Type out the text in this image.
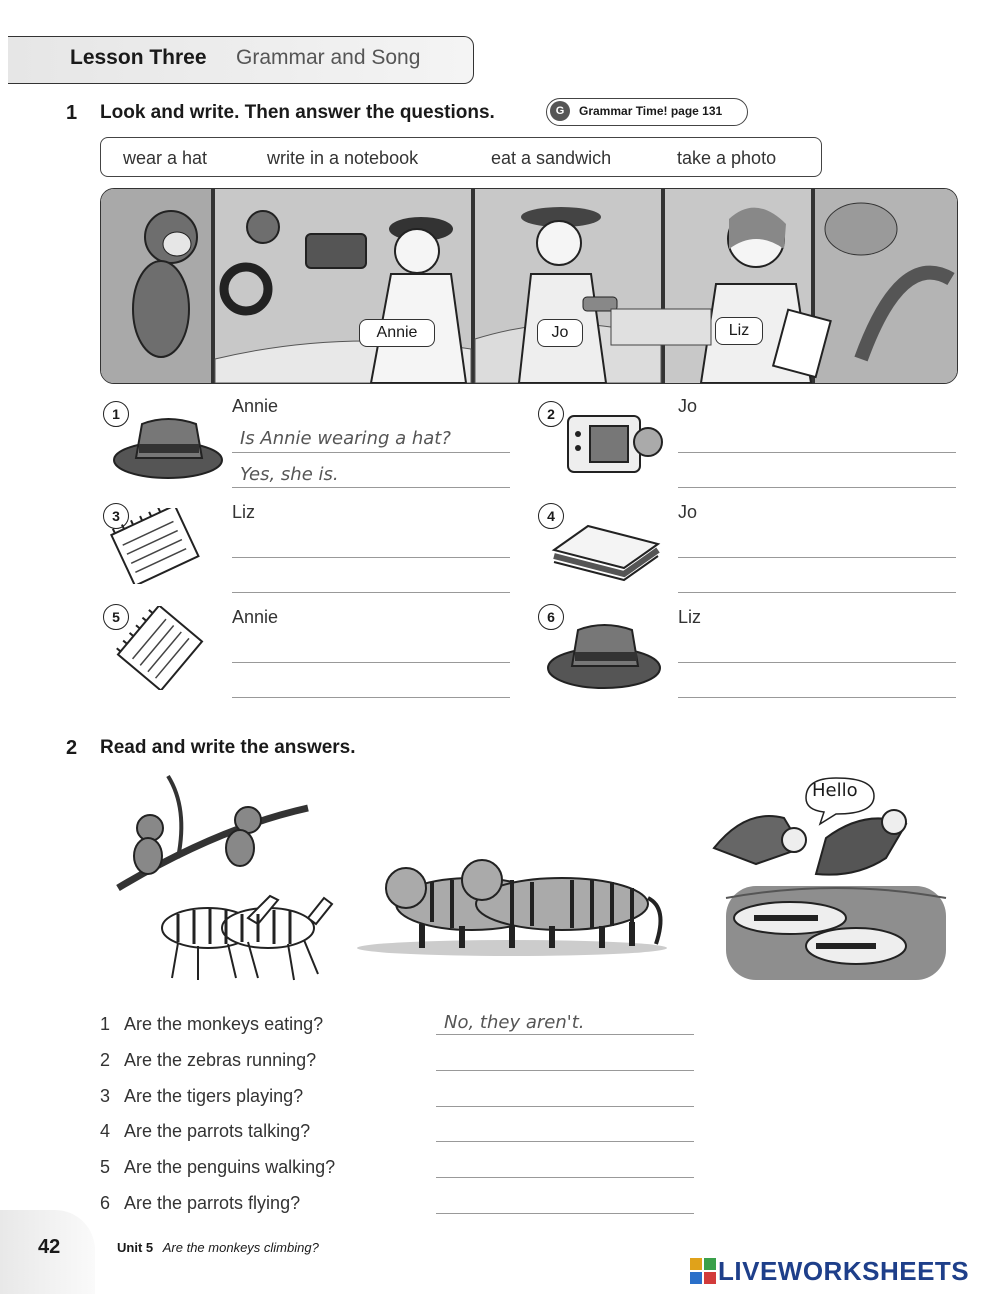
Lesson Three Grammar and Song
1 Look and write. Then answer the questions.	G	Grammar Time! page 131
wear a hat	write in a notebook	eat a sandwich	take a photo
Annie	Jo	Liz
1	Annie
Is Annie wearing a hat?
Yes, she is.
2	Jo
3	Liz	4	Jo
5	Annie	6	Liz
2 Read and write the answers.
Hello
1 Are the monkeys eating?	No, they aren't.
2 Are the zebras running?
3 Are the tigers playing?
4 Are the parrots talking?
5 Are the penguins walking?
6 Are the parrots flying?
42	Unit 5 Are the monkeys climbing?
LIVEWORKSHEETS
